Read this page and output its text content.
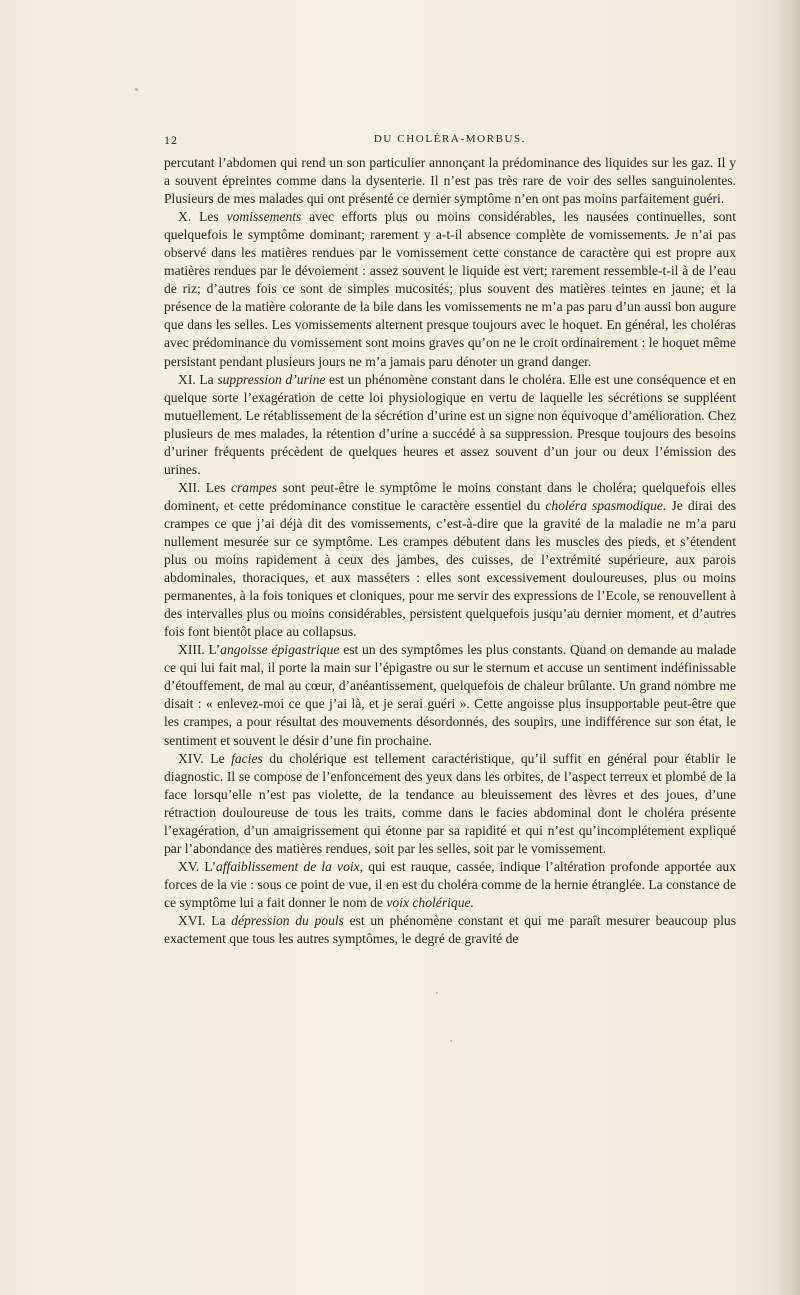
12	DU CHOLÉRA-MORBUS.

percutant l’abdomen qui rend un son particulier annonçant la prédominance des liquides sur les gaz. Il y a souvent épreintes comme dans la dysenterie. Il n’est pas très rare de voir des selles sanguinolentes. Plusieurs de mes malades qui ont présenté ce dernier symptôme n’en ont pas moins parfaitement guéri.

X. Les vomissements avec efforts plus ou moins considérables, les nausées continuelles, sont quelquefois le symptôme dominant; rarement y a-t-il absence complète de vomissements. Je n’ai pas observé dans les matières rendues par le vomissement cette constance de caractère qui est propre aux matières rendues par le dévoiement : assez souvent le liquide est vert; rarement ressemble-t-il à de l’eau de riz; d’autres fois ce sont de simples mucosités; plus souvent des matières teintes en jaune; et la présence de la matière colorante de la bile dans les vomissements ne m’a pas paru d’un aussi bon augure que dans les selles. Les vomissements alternent presque toujours avec le hoquet. En général, les choléras avec prédominance du vomissement sont moins graves qu’on ne le croit ordinairement : le hoquet même persistant pendant plusieurs jours ne m’a jamais paru dénoter un grand danger.

XI. La suppression d’urine est un phénomène constant dans le choléra. Elle est une conséquence et en quelque sorte l’exagération de cette loi physiologique en vertu de laquelle les sécrétions se suppléent mutuellement. Le rétablissement de la sécrétion d’urine est un signe non équivoque d’amélioration. Chez plusieurs de mes malades, la rétention d’urine a succédé à sa suppression. Presque toujours des besoins d’uriner fréquents précèdent de quelques heures et assez souvent d’un jour ou deux l’émission des urines.

XII. Les crampes sont peut-être le symptôme le moins constant dans le choléra; quelquefois elles dominent, et cette prédominance constitue le caractère essentiel du choléra spasmodique. Je dirai des crampes ce que j’ai déjà dit des vomissements, c’est-à-dire que la gravité de la maladie ne m’a paru nullement mesurée sur ce symptôme. Les crampes débutent dans les muscles des pieds, et s’étendent plus ou moins rapidement à ceux des jambes, des cuisses, de l’extrémité supérieure, aux parois abdominales, thoraciques, et aux masséters : elles sont excessivement douloureuses, plus ou moins permanentes, à la fois toniques et cloniques, pour me servir des expressions de l’Ecole, se renouvellent à des intervalles plus ou moins considérables, persistent quelquefois jusqu’au dernier moment, et d’autres fois font bientôt place au collapsus.

XIII. L’angoisse épigastrique est un des symptômes les plus constants. Quand on demande au malade ce qui lui fait mal, il porte la main sur l’épigastre ou sur le sternum et accuse un sentiment indéfinissable d’étouffement, de mal au cœur, d’anéantissement, quelquefois de chaleur brûlante. Un grand nombre me disait : « enlevez-moi ce que j’ai là, et je serai guéri ». Cette angoisse plus insupportable peut-être que les crampes, a pour résultat des mouvements désordonnés, des soupirs, une indifférence sur son état, le sentiment et souvent le désir d’une fin prochaine.

XIV. Le facies du cholérique est tellement caractéristique, qu’il suffit en général pour établir le diagnostic. Il se compose de l’enfoncement des yeux dans les orbites, de l’aspect terreux et plombé de la face lorsqu’elle n’est pas violette, de la tendance au bleuissement des lèvres et des joues, d’une rétraction douloureuse de tous les traits, comme dans le facies abdominal dont le choléra présente l’exagération, d’un amaigrissement qui étonne par sa rapidité et qui n’est qu’incomplétement expliqué par l’abondance des matières rendues, soit par les selles, soit par le vomissement.

XV. L’affaiblissement de la voix, qui est rauque, cassée, indique l’altération profonde apportée aux forces de la vie : sous ce point de vue, il en est du choléra comme de la hernie étranglée. La constance de ce symptôme lui a fait donner le nom de voix cholérique.

XVI. La dépression du pouls est un phénomène constant et qui me paraît mesurer beaucoup plus exactement que tous les autres symptômes, le degré de gravité de
